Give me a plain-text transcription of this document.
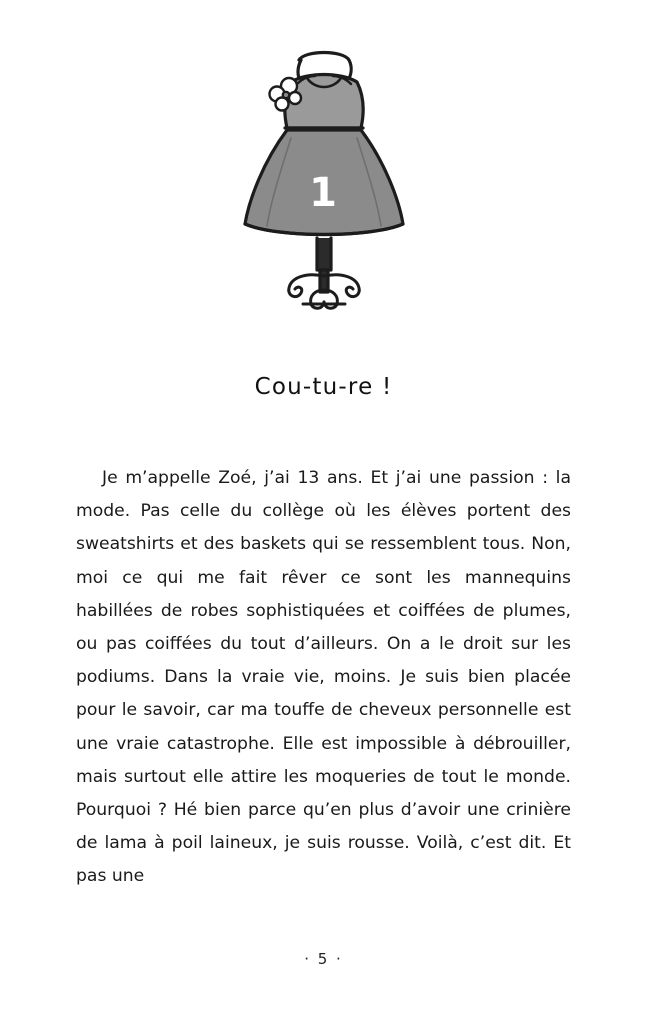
1
Cou-tu-re !

Je m’appelle Zoé, j’ai 13 ans. Et j’ai une passion : la mode. Pas celle du collège où les élèves portent des sweatshirts et des baskets qui se ressemblent tous. Non, moi ce qui me fait rêver ce sont les mannequins habillées de robes sophistiquées et coiffées de plumes, ou pas coiffées du tout d’ailleurs. On a le droit sur les podiums. Dans la vraie vie, moins. Je suis bien placée pour le savoir, car ma touffe de cheveux personnelle est une vraie catastrophe. Elle est impossible à débrouiller, mais surtout elle attire les moqueries de tout le monde. Pourquoi ? Hé bien parce qu’en plus d’avoir une crinière de lama à poil laineux, je suis rousse. Voilà, c’est dit. Et pas une

· 5 ·
